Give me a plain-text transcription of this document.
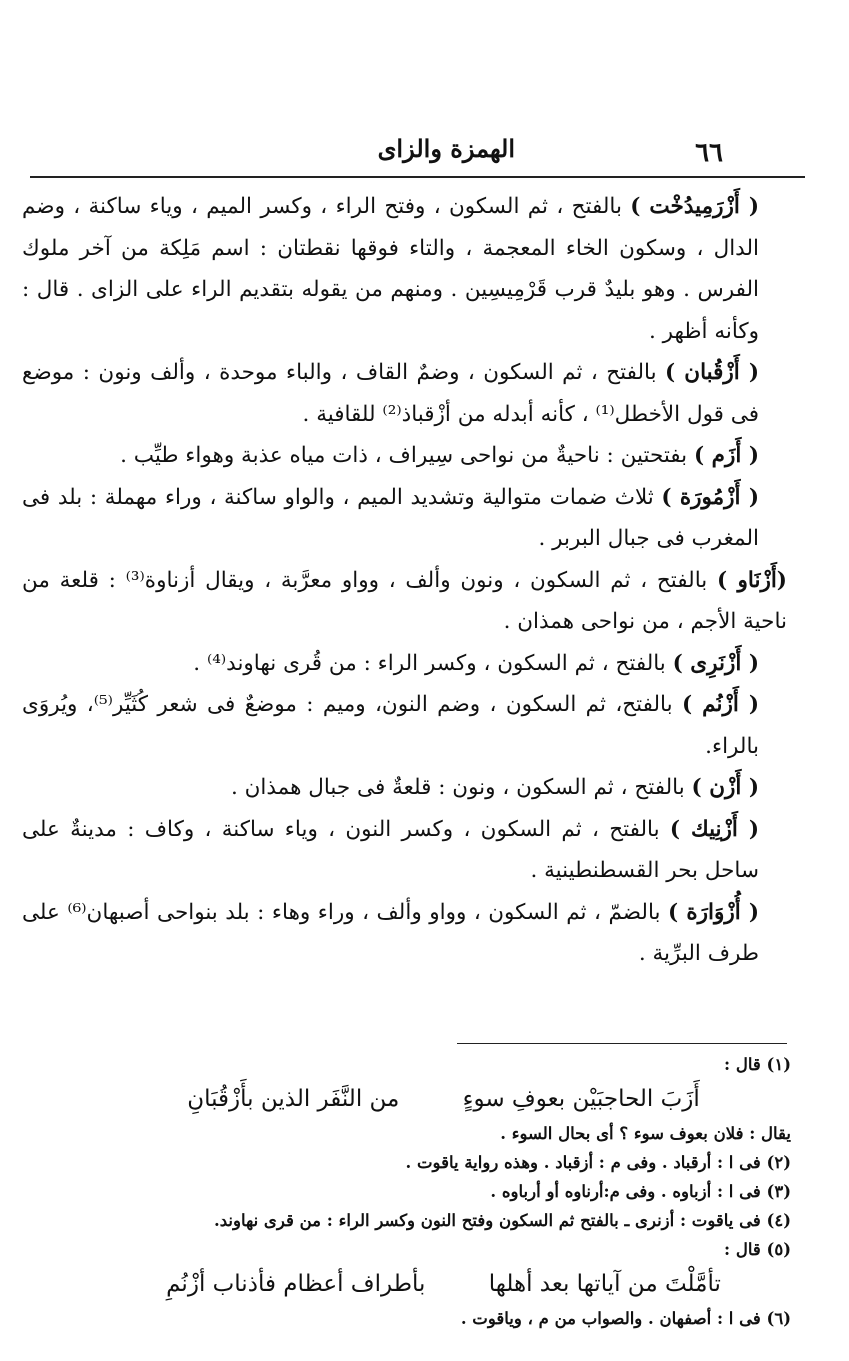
الهمزة والزاى	٦٦

( أَزْرَمِيدُخْت ) بالفتح ، ثم السكون ، وفتح الراء ، وكسر الميم ، وياء ساكنة ، وضم الدال ، وسكون الخاء المعجمة ، والتاء فوقها نقطتان : اسم مَلِكة من آخر ملوك الفرس . وهو بليدٌ قرب قَرْمِيسِين . ومنهم من يقوله بتقديم الراء على الزاى . قال : وكأنه أظهر .

( أَزْقُبان ) بالفتح ، ثم السكون ، وضمٌ القاف ، والباء موحدة ، وألف ونون : موضع فى قول الأخطل⁽¹⁾ ، كأنه أبدله من أزْقباذ⁽²⁾ للقافية .

( أَزَم ) بفتحتين : ناحيةٌ من نواحى سِيراف ، ذات مياه عذبة وهواء طيِّب .

( أَزْمُورَة ) ثلاث ضمات متوالية وتشديد الميم ، والواو ساكنة ، وراء مهملة : بلد فى المغرب فى جبال البربر .

(أَزْنَاو ) بالفتح ، ثم السكون ، ونون وألف ، وواو معرَّبة ، ويقال أزناوة⁽³⁾ : قلعة من ناحية الأجم ، من نواحى همذان .

( أَزْنَرِى ) بالفتح ، ثم السكون ، وكسر الراء : من قُرى نهاوند⁽⁴⁾ .

( أَزْنُم ) بالفتح، ثم السكون ، وضم النون، وميم : موضعٌ فى شعر كُثَيِّر⁽⁵⁾، ويُروَى بالراء.

( أَزْن ) بالفتح ، ثم السكون ، ونون : قلعةٌ فى جبال همذان .

( أَزْنِيك ) بالفتح ، ثم السكون ، وكسر النون ، وياء ساكنة ، وكاف : مدينةٌ على ساحل بحر القسطنطينية .

( أُزْوَارَة ) بالضمّ ، ثم السكون ، وواو وألف ، وراء وهاء : بلد بنواحى أصبهان⁽⁶⁾ على طرف البرِّية .

(١) قال :

أَزَبَ الحاجبَيْن بعوفِ سوءٍ من النَّفَر الذين بأَزْقُبَانِ

يقال : فلان بعوف سوء ؟ أى بحال السوء .

(٢) فى ا : أرقباد . وفى م : أزقباد . وهذه رواية ياقوت .

(٣) فى ا : أزباوه . وفى م:أرناوه أو أرباوه .

(٤) فى ياقوت : أزنرى ـ بالفتح ثم السكون وفتح النون وكسر الراء : من قرى نهاوند.

(٥) قال :

تأمَّلْتَ من آياتها بعد أهلها بأطراف أعظام فأذناب أزْنُمِ

(٦) فى ا : أصفهان . والصواب من م ، وياقوت .
